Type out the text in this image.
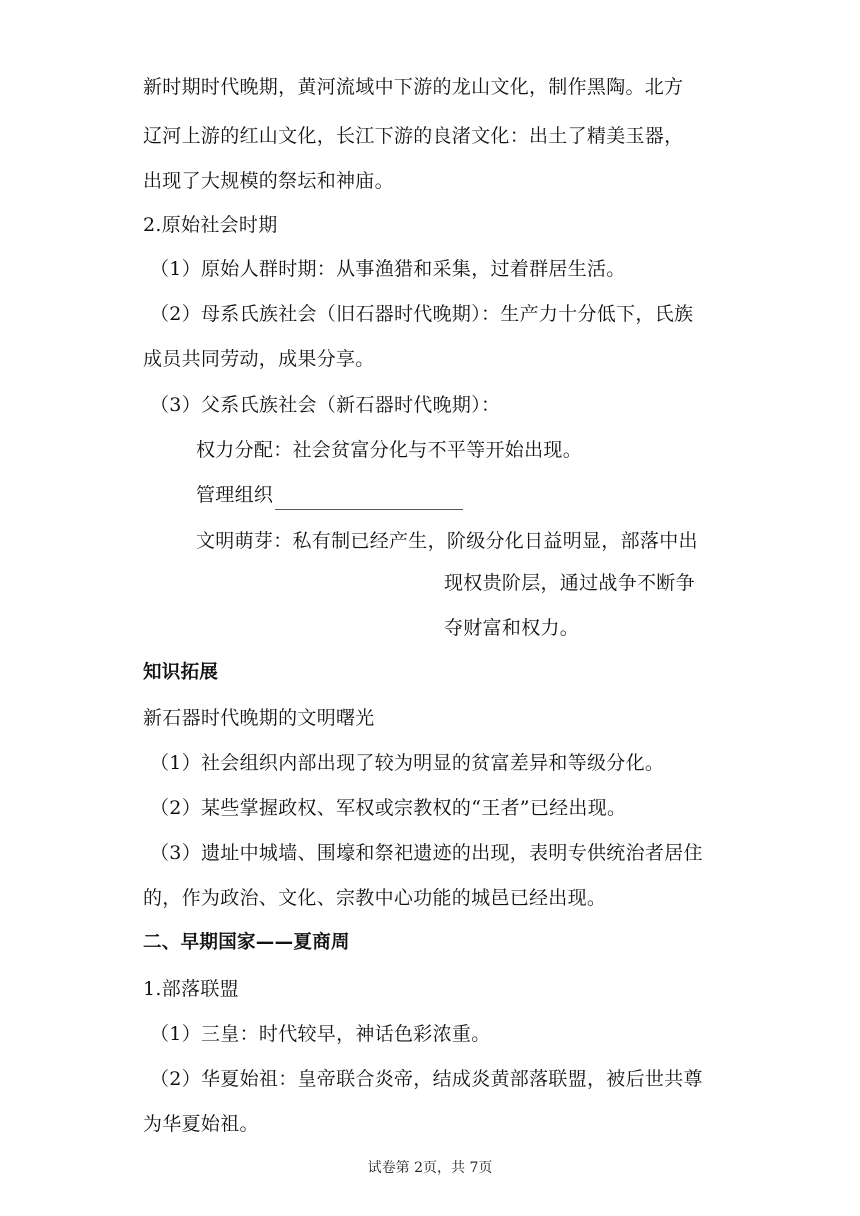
新时期时代晚期，黄河流域中下游的龙山文化，制作黑陶。北方
辽河上游的红山文化，长江下游的良渚文化：出土了精美玉器，
出现了大规模的祭坛和神庙。
2.原始社会时期
（1）原始人群时期：从事渔猎和采集，过着群居生活。
（2）母系氏族社会（旧石器时代晚期）：生产力十分低下，氏族
成员共同劳动，成果分享。
（3）父系氏族社会（新石器时代晚期）：
权力分配：社会贫富分化与不平等开始出现。
管理组织
文明萌芽：私有制已经产生，阶级分化日益明显，部落中出
现权贵阶层，通过战争不断争
夺财富和权力。
知识拓展
新石器时代晚期的文明曙光
（1）社会组织内部出现了较为明显的贫富差异和等级分化。
（2）某些掌握政权、军权或宗教权的“王者”已经出现。
（3）遗址中城墙、围壕和祭祀遗迹的出现，表明专供统治者居住
的，作为政治、文化、宗教中心功能的城邑已经出现。
二、早期国家——夏商周
1.部落联盟
（1）三皇：时代较早，神话色彩浓重。
（2）华夏始祖：皇帝联合炎帝，结成炎黄部落联盟，被后世共尊
为华夏始祖。
试卷第 2页，共 7页
